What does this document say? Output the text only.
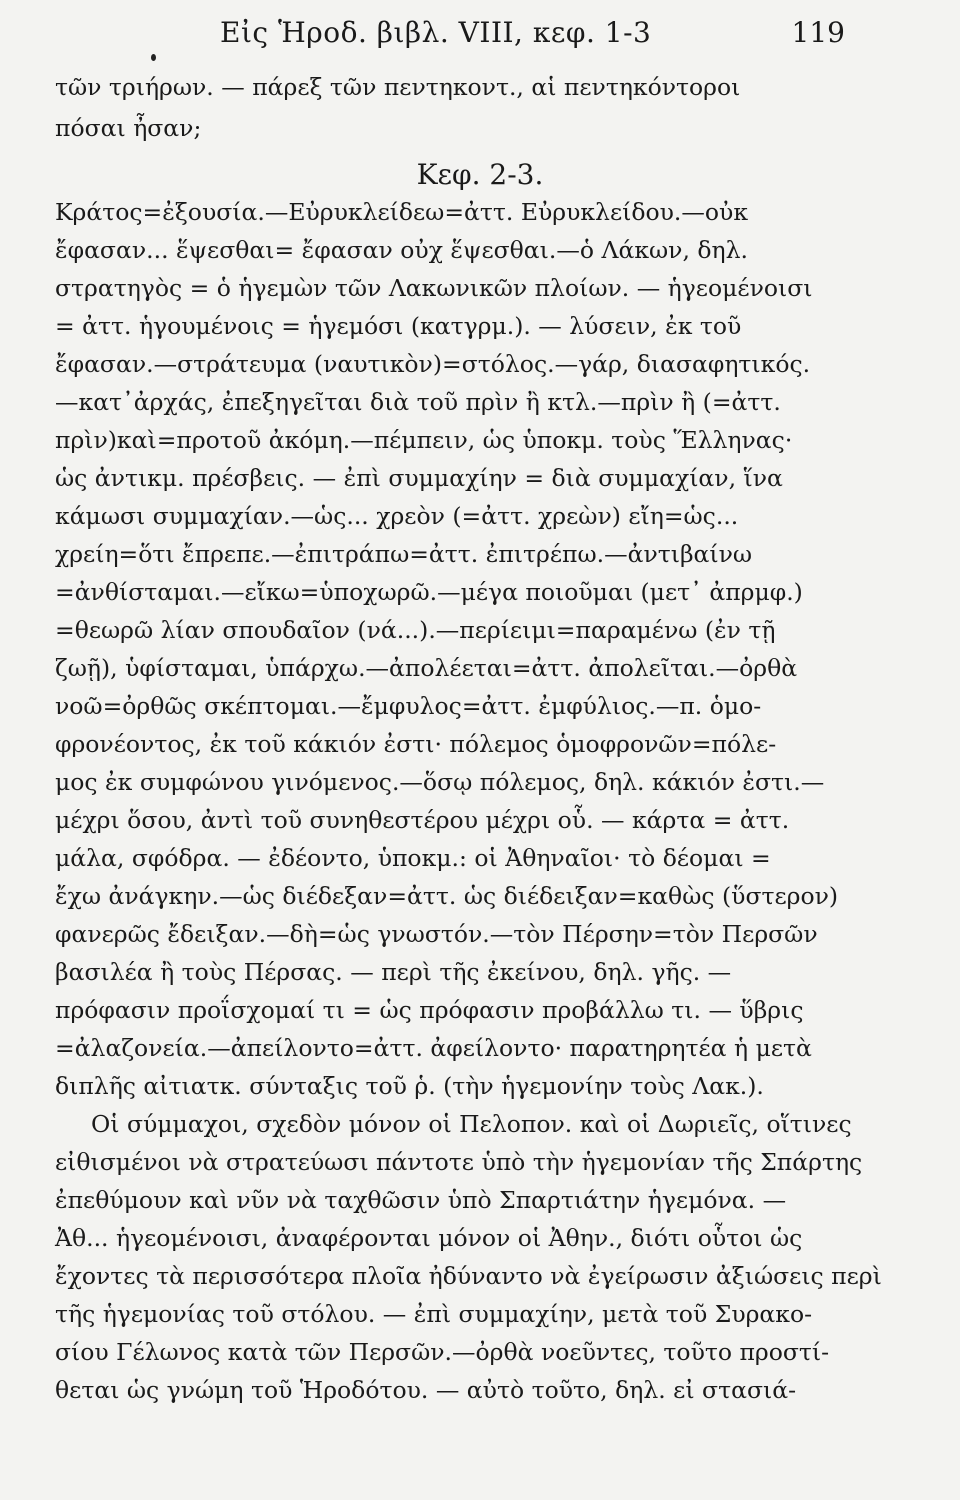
Εἰς Ἡροδ. βιβλ. VIII, κεφ. 1-3	119
τῶν τριήρων. — πάρεξ τῶν πεντηκοντ., αἱ πεντηκόντοροι
πόσαι ἦσαν;
Κεφ. 2-3.
Κράτος=ἐξουσία.—Εὐρυκλείδεω=ἀττ. Εὐρυκλείδου.—οὐκ
ἔφασαν... ἕψεσθαι= ἔφασαν οὐχ ἕψεσθαι.—ὁ Λάκων, δηλ.
στρατηγὸς = ὁ ἡγεμὼν τῶν Λακωνικῶν πλοίων. — ἡγεομένοισι
= ἀττ. ἡγουμένοις = ἡγεμόσι (κατγρμ.). — λύσειν, ἐκ τοῦ
ἔφασαν.—στράτευμα (ναυτικὸν)=στόλος.—γάρ, διασαφητικός.
—κατ᾽ἀρχάς, ἐπεξηγεῖται διὰ τοῦ πρὶν ἢ κτλ.—πρὶν ἢ (=ἀττ.
πρὶν)καὶ=προτοῦ ἀκόμη.—πέμπειν, ὡς ὑποκμ. τοὺς Ἕλληνας·
ὡς ἀντικμ. πρέσβεις. — ἐπὶ συμμαχίην = διὰ συμμαχίαν, ἵνα
κάμωσι συμμαχίαν.—ὡς... χρεὸν (=ἀττ. χρεὼν) εἴη=ὡς...
χρείη=ὅτι ἔπρεπε.—ἐπιτράπω=ἀττ. ἐπιτρέπω.—ἀντιβαίνω
=ἀνθίσταμαι.—εἴκω=ὑποχωρῶ.—μέγα ποιοῦμαι (μετ᾽ ἀπρμφ.)
=θεωρῶ λίαν σπουδαῖον (νά...).—περίειμι=παραμένω (ἐν τῇ
ζωῇ), ὑφίσταμαι, ὑπάρχω.—ἀπολέεται=ἀττ. ἀπολεῖται.—ὀρθὰ
νοῶ=ὀρθῶς σκέπτομαι.—ἔμφυλος=ἀττ. ἐμφύλιος.—π. ὁμο-
φρονέοντος, ἐκ τοῦ κάκιόν ἐστι· πόλεμος ὁμοφρονῶν=πόλε-
μος ἐκ συμφώνου γινόμενος.—ὅσῳ πόλεμος, δηλ. κάκιόν ἐστι.—
μέχρι ὅσου, ἀντὶ τοῦ συνηθεστέρου μέχρι οὗ. — κάρτα = ἀττ.
μάλα, σφόδρα. — ἐδέοντο, ὑποκμ.: οἱ Ἀθηναῖοι· τὸ δέομαι =
ἔχω ἀνάγκην.—ὡς διέδεξαν=ἀττ. ὡς διέδειξαν=καθὼς (ὕστερον)
φανερῶς ἔδειξαν.—δὴ=ὡς γνωστόν.—τὸν Πέρσην=τὸν Περσῶν
βασιλέα ἢ τοὺς Πέρσας. — περὶ τῆς ἐκείνου, δηλ. γῆς. —
πρόφασιν προΐσχομαί τι = ὡς πρόφασιν προβάλλω τι. — ὕβρις
=ἀλαζονεία.—ἀπείλοντο=ἀττ. ἀφείλοντο· παρατηρητέα ἡ μετὰ
διπλῆς αἰτιατκ. σύνταξις τοῦ ῥ. (τὴν ἡγεμονίην τοὺς Λακ.).
Οἱ σύμμαχοι, σχεδὸν μόνον οἱ Πελοπον. καὶ οἱ Δωριεῖς, οἵτινες
εἰθισμένοι νὰ στρατεύωσι πάντοτε ὑπὸ τὴν ἡγεμονίαν τῆς Σπάρτης
ἐπεθύμουν καὶ νῦν νὰ ταχθῶσιν ὑπὸ Σπαρτιάτην ἡγεμόνα. —
Ἀθ... ἡγεομένοισι, ἀναφέρονται μόνον οἱ Ἀθην., διότι οὗτοι ὡς
ἔχοντες τὰ περισσότερα πλοῖα ἠδύναντο νὰ ἐγείρωσιν ἀξιώσεις περὶ
τῆς ἡγεμονίας τοῦ στόλου. — ἐπὶ συμμαχίην, μετὰ τοῦ Συρακο-
σίου Γέλωνος κατὰ τῶν Περσῶν.—ὀρθὰ νοεῦντες, τοῦτο προστί-
θεται ὡς γνώμη τοῦ Ἡροδότου. — αὐτὸ τοῦτο, δηλ. εἰ στασιά-
